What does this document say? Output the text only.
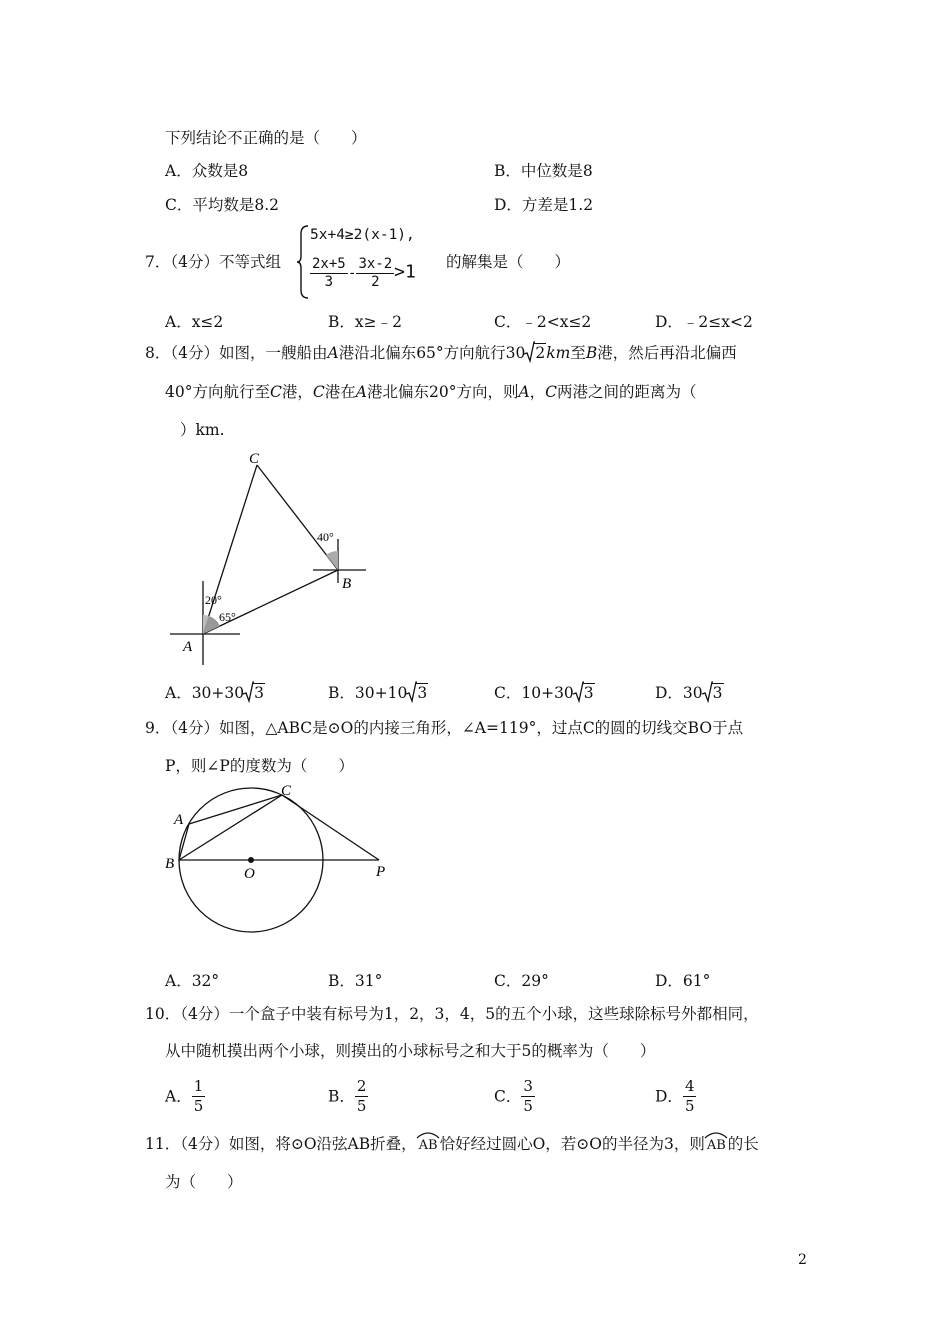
下列结论不正确的是（　　）
A．众数是8	B．中位数是8
C．平均数是8.2	D．方差是1.2
7．（4分）不等式组
5x+4≥2(x-1),
$\frac{2x+5}{3} - \frac{3x-2}{2} >1$ 的解集是（　　）
A．x≤2	B．x≥﹣2	C．﹣2<x≤2	D．﹣2≤x<2
8．（4分）如图，一艘船由A港沿北偏东65°方向航行30 2km至B港，然后再沿北偏西
40°方向航行至C港，C港在A港北偏东20°方向，则A，C两港之间的距离为（
）km.
C
B
A
40°
20°
65°
A．30+30 3	B．30+10 3	C．10+30 3	D．30 3
9．（4分）如图，△ABC是⊙O的内接三角形，∠A=119°，过点C的圆的切线交BO于点
P，则∠P的度数为（　　）
A
B
C
O	P
A．32°	B．31°	C．29°	D．61°
10．（4分）一个盒子中装有标号为1，2，3，4，5的五个小球，这些球除标号外都相同，
从中随机摸出两个小球，则摸出的小球标号之和大于5的概率为（　　）
A． $\frac{1}{5}$	B． $\frac{2}{5}$	C． $\frac{3}{5}$	D． $\frac{4}{5}$
11．（4分）如图，将⊙O沿弦AB折叠， AB 恰好经过圆心O，若⊙O的半径为3，则 AB 的长
为（　　）
2
